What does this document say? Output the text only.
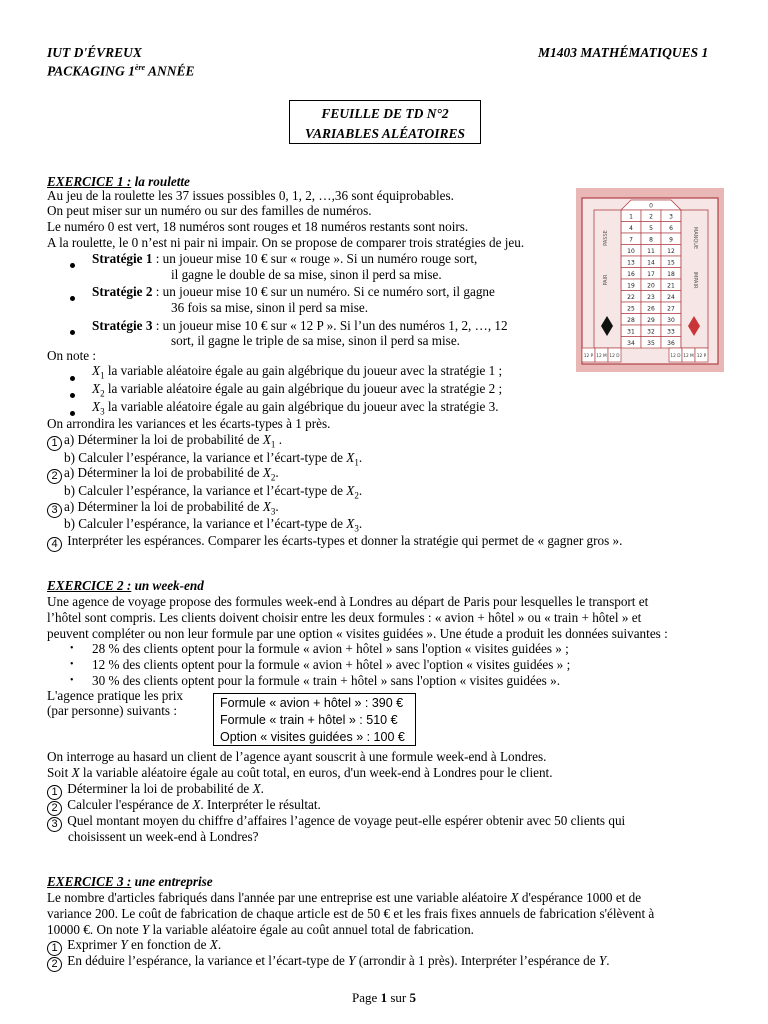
IUT D'ÉVREUX
PACKAGING 1ère ANNÉE
M1403 MATHÉMATIQUES 1
FEUILLE DE TD N°2
VARIABLES ALÉATOIRES
EXERCICE 1 : la roulette
Au jeu de la roulette les 37 issues possibles 0, 1, 2, …,36 sont équiprobables.
On peut miser sur un numéro ou sur des familles de numéros.
Le numéro 0 est vert, 18 numéros sont rouges et 18 numéros restants sont noirs.
A la roulette, le 0 n’est ni pair ni impair. On se propose de comparer trois stratégies de jeu.
Stratégie 1 : un joueur mise 10 € sur « rouge ». Si un numéro rouge sort,
il gagne le double de sa mise, sinon il perd sa mise.
Stratégie 2 : un joueur mise 10 € sur un numéro. Si ce numéro sort, il gagne
36 fois sa mise, sinon il perd sa mise.
Stratégie 3 : un joueur mise 10 € sur « 12 P ». Si l’un des numéros 1, 2, …, 12
sort, il gagne le triple de sa mise, sinon il perd sa mise.
On note :
$X_1$ la variable aléatoire égale au gain algébrique du joueur avec la stratégie 1 ;
$X_2$ la variable aléatoire égale au gain algébrique du joueur avec la stratégie 2 ;
$X_3$ la variable aléatoire égale au gain algébrique du joueur avec la stratégie 3.
On arrondira les variances et les écarts-types à 1 près.
1 a) Déterminer la loi de probabilité de $X_1$ .
b) Calculer l’espérance, la variance et l’écart-type de $X_1$.
2 a) Déterminer la loi de probabilité de $X_2$.
b) Calculer l’espérance, la variance et l’écart-type de $X_2$.
3 a) Déterminer la loi de probabilité de $X_3$.
b) Calculer l’espérance, la variance et l’écart-type de $X_3$.
4 Interpréter les espérances. Comparer les écarts-types et donner la stratégie qui permet de « gagner gros ».
0
1	2	3
4	5	6
7	8	9
10 11 12
13 14 15
16 17 18
19 20 21
22 23 24
25 26 27
28 29 30
31 32 33
34 35 36
PASSE
PAIR
MANQUE
IMPAIR
12 P 12 M 12 D	12 D 12 M 12 P
EXERCICE 2 : un week-end
Une agence de voyage propose des formules week-end à Londres au départ de Paris pour lesquelles le transport et
l’hôtel sont compris. Les clients doivent choisir entre les deux formules : « avion + hôtel » ou « train + hôtel » et
peuvent compléter ou non leur formule par une option « visites guidées ». Une étude a produit les données suivantes :
• 28 % des clients optent pour la formule « avion + hôtel » sans l'option « visites guidées » ;
• 12 % des clients optent pour la formule « avion + hôtel » avec l'option « visites guidées » ;
• 30 % des clients optent pour la formule « train + hôtel » sans l'option « visites guidées ».
L'agence pratique les prix
(par personne) suivants :	Formule « avion + hôtel » : 390 €
Formule « train + hôtel » : 510 €
Option « visites guidées » : 100 €
On interroge au hasard un client de l’agence ayant souscrit à une formule week-end à Londres.
Soit X la variable aléatoire égale au coût total, en euros, d'un week-end à Londres pour le client.
1 Déterminer la loi de probabilité de X.
2 Calculer l'espérance de X. Interpréter le résultat.
3 Quel montant moyen du chiffre d’affaires l’agence de voyage peut-elle espérer obtenir avec 50 clients qui
choisissent un week-end à Londres?
EXERCICE 3 : une entreprise
Le nombre d'articles fabriqués dans l'année par une entreprise est une variable aléatoire X d'espérance 1000 et de
variance 200. Le coût de fabrication de chaque article est de 50 € et les frais fixes annuels de fabrication s'élèvent à
10000 €. On note Y la variable aléatoire égale au coût annuel total de fabrication.
1 Exprimer Y en fonction de X.
2 En déduire l’espérance, la variance et l’écart-type de Y (arrondir à 1 près). Interpréter l’espérance de Y.
Page 1 sur 5
